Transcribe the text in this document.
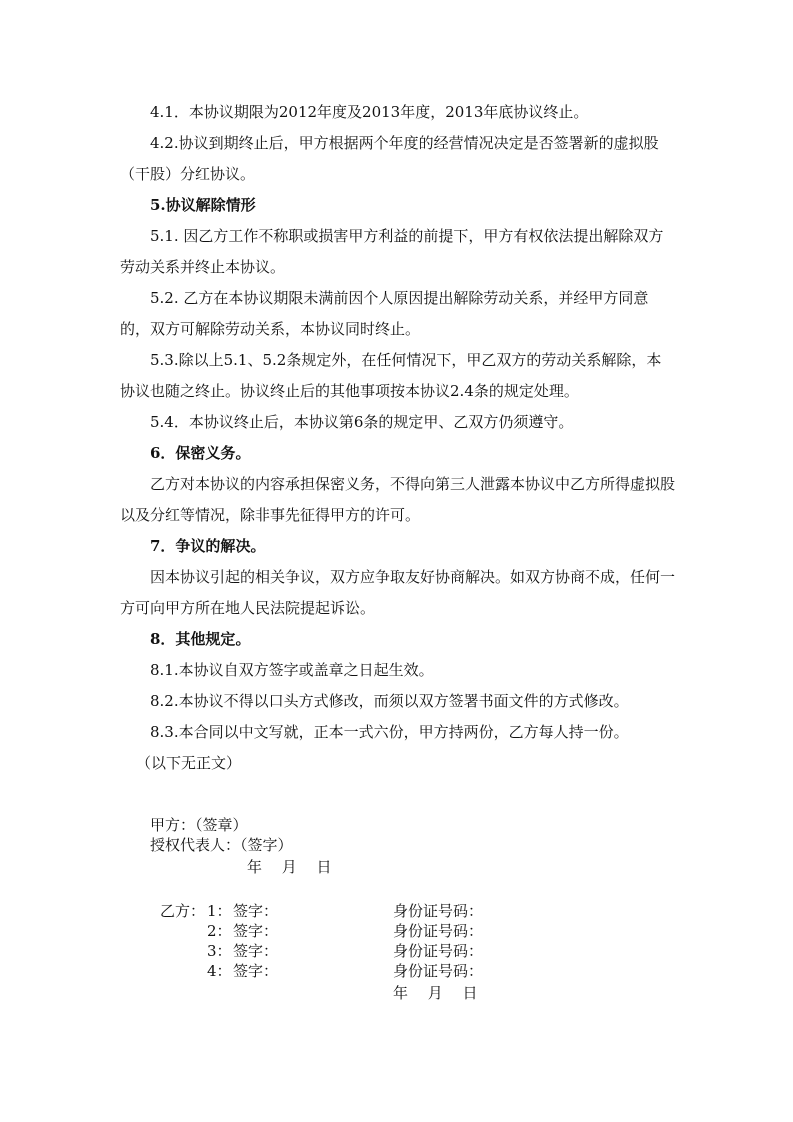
4.1．本协议期限为2012年度及2013年度，2013年底协议终止。

4.2.协议到期终止后，甲方根据两个年度的经营情况决定是否签署新的虚拟股（干股）分红协议。

5.协议解除情形

5.1. 因乙方工作不称职或损害甲方利益的前提下，甲方有权依法提出解除双方劳动关系并终止本协议。

5.2. 乙方在本协议期限未满前因个人原因提出解除劳动关系，并经甲方同意的，双方可解除劳动关系，本协议同时终止。

5.3.除以上5.1、5.2条规定外，在任何情况下，甲乙双方的劳动关系解除，本协议也随之终止。协议终止后的其他事项按本协议2.4条的规定处理。

5.4．本协议终止后，本协议第6条的规定甲、乙双方仍须遵守。

6．保密义务。

乙方对本协议的内容承担保密义务，不得向第三人泄露本协议中乙方所得虚拟股以及分红等情况，除非事先征得甲方的许可。

7．争议的解决。

因本协议引起的相关争议，双方应争取友好协商解决。如双方协商不成，任何一方可向甲方所在地人民法院提起诉讼。

8．其他规定。

8.1.本协议自双方签字或盖章之日起生效。

8.2.本协议不得以口头方式修改，而须以双方签署书面文件的方式修改。

8.3.本合同以中文写就，正本一式六份，甲方持两份，乙方每人持一份。

（以下无正文）

甲方：（签章）
授权代表人：（签字）
年　 月　 日
乙方： 1： 签字：	身份证号码：
2： 签字：	身份证号码：
3： 签字：	身份证号码：
4： 签字：	身份证号码：
年　 月　 日
